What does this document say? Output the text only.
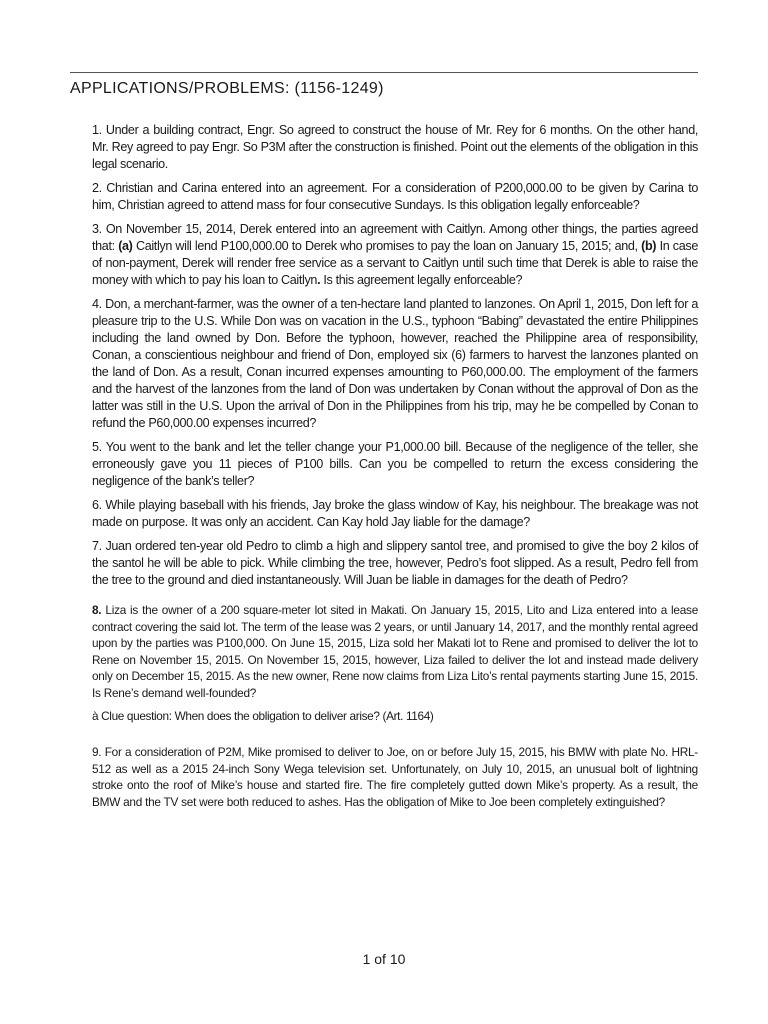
APPLICATIONS/PROBLEMS: (1156-1249)

1. Under a building contract, Engr. So agreed to construct the house of Mr. Rey for 6 months. On the other hand, Mr. Rey agreed to pay Engr. So P3M after the construction is finished. Point out the elements of the obligation in this legal scenario.

2. Christian and Carina entered into an agreement. For a consideration of P200,000.00 to be given by Carina to him, Christian agreed to attend mass for four consecutive Sundays. Is this obligation legally enforceable?

3. On November 15, 2014, Derek entered into an agreement with Caitlyn. Among other things, the parties agreed that: (a) Caitlyn will lend P100,000.00 to Derek who promises to pay the loan on January 15, 2015; and, (b) In case of non-payment, Derek will render free service as a servant to Caitlyn until such time that Derek is able to raise the money with which to pay his loan to Caitlyn. Is this agreement legally enforceable?

4. Don, a merchant-farmer, was the owner of a ten-hectare land planted to lanzones. On April 1, 2015, Don left for a pleasure trip to the U.S. While Don was on vacation in the U.S., typhoon “Babing” devastated the entire Philippines including the land owned by Don. Before the typhoon, however, reached the Philippine area of responsibility, Conan, a conscientious neighbour and friend of Don, employed six (6) farmers to harvest the lanzones planted on the land of Don. As a result, Conan incurred expenses amounting to P60,000.00. The employment of the farmers and the harvest of the lanzones from the land of Don was undertaken by Conan without the approval of Don as the latter was still in the U.S. Upon the arrival of Don in the Philippines from his trip, may he be compelled by Conan to refund the P60,000.00 expenses incurred?

5. You went to the bank and let the teller change your P1,000.00 bill. Because of the negligence of the teller, she erroneously gave you 11 pieces of P100 bills. Can you be compelled to return the excess considering the negligence of the bank’s teller?

6. While playing baseball with his friends, Jay broke the glass window of Kay, his neighbour. The breakage was not made on purpose. It was only an accident. Can Kay hold Jay liable for the damage?

7. Juan ordered ten-year old Pedro to climb a high and slippery santol tree, and promised to give the boy 2 kilos of the santol he will be able to pick. While climbing the tree, however, Pedro’s foot slipped. As a result, Pedro fell from the tree to the ground and died instantaneously. Will Juan be liable in damages for the death of Pedro?

8. Liza is the owner of a 200 square-meter lot sited in Makati. On January 15, 2015, Lito and Liza entered into a lease contract covering the said lot. The term of the lease was 2 years, or until January 14, 2017, and the monthly rental agreed upon by the parties was P100,000. On June 15, 2015, Liza sold her Makati lot to Rene and promised to deliver the lot to Rene on November 15, 2015. On November 15, 2015, however, Liza failed to deliver the lot and instead made delivery only on December 15, 2015. As the new owner, Rene now claims from Liza Lito’s rental payments starting June 15, 2015. Is Rene’s demand well-founded?

à Clue question: When does the obligation to deliver arise? (Art. 1164)

9. For a consideration of P2M, Mike promised to deliver to Joe, on or before July 15, 2015, his BMW with plate No. HRL-512 as well as a 2015 24-inch Sony Wega television set. Unfortunately, on July 10, 2015, an unusual bolt of lightning stroke onto the roof of Mike’s house and started fire. The fire completely gutted down Mike’s property. As a result, the BMW and the TV set were both reduced to ashes. Has the obligation of Mike to Joe been completely extinguished?

1 of 10
